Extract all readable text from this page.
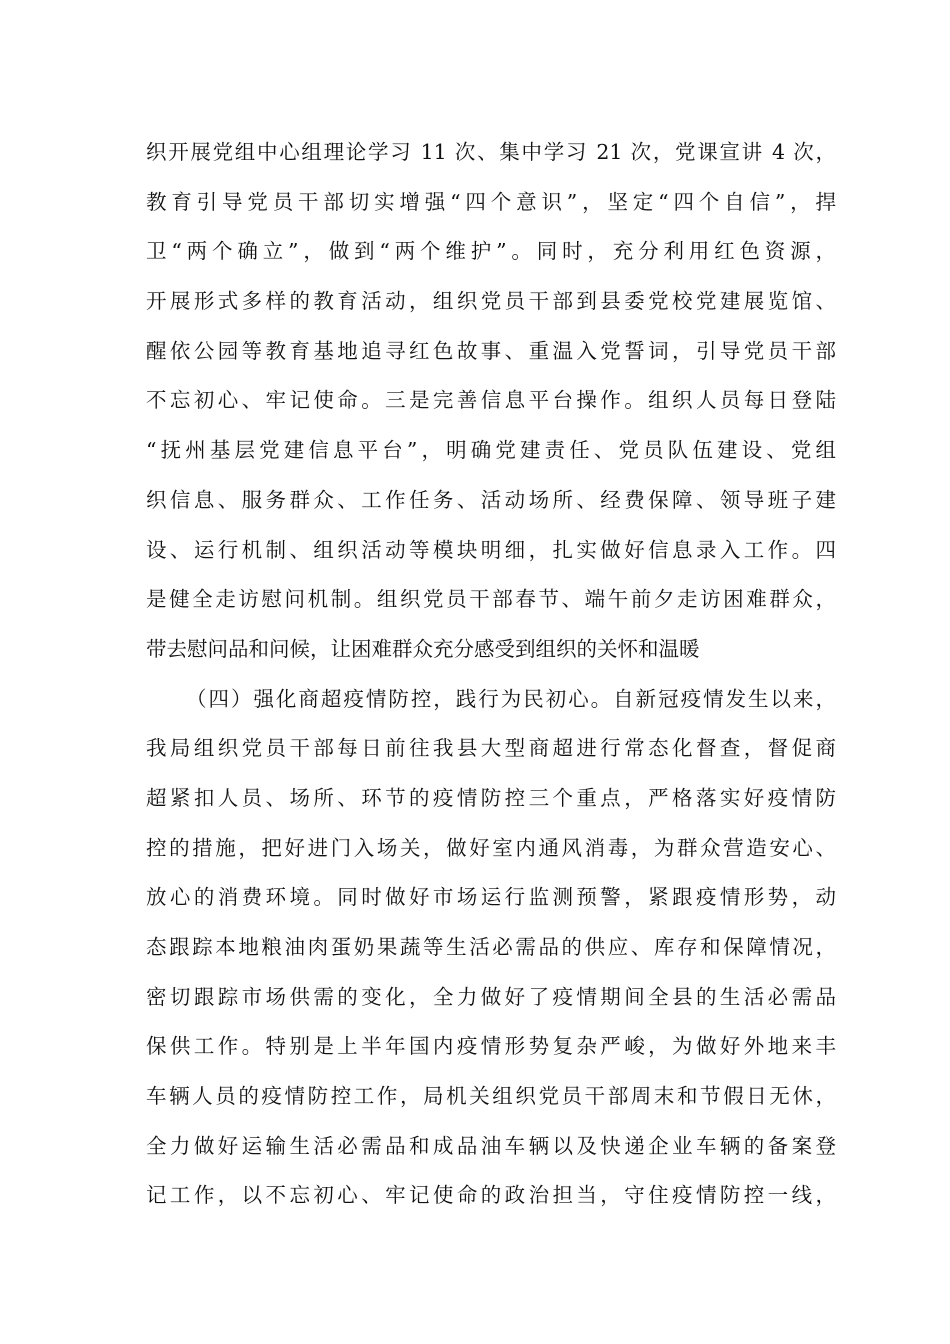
织开展党组中心组理论学习 11 次、集中学习 21 次，党课宣讲 4 次，
教育引导党员干部切实增强“四个意识”，坚定“四个自信”，捍
卫“两个确立”，做到“两个维护”。同时，充分利用红色资源，
开展形式多样的教育活动，组织党员干部到县委党校党建展览馆、
醒依公园等教育基地追寻红色故事、重温入党誓词，引导党员干部
不忘初心、牢记使命。三是完善信息平台操作。组织人员每日登陆
“抚州基层党建信息平台”，明确党建责任、党员队伍建设、党组
织信息、服务群众、工作任务、活动场所、经费保障、领导班子建
设、运行机制、组织活动等模块明细，扎实做好信息录入工作。四
是健全走访慰问机制。组织党员干部春节、端午前夕走访困难群众，
带去慰问品和问候，让困难群众充分感受到组织的关怀和温暖
（四）强化商超疫情防控，践行为民初心。自新冠疫情发生以来，
我局组织党员干部每日前往我县大型商超进行常态化督查，督促商
超紧扣人员、场所、环节的疫情防控三个重点，严格落实好疫情防
控的措施，把好进门入场关，做好室内通风消毒，为群众营造安心、
放心的消费环境。同时做好市场运行监测预警，紧跟疫情形势，动
态跟踪本地粮油肉蛋奶果蔬等生活必需品的供应、库存和保障情况，
密切跟踪市场供需的变化，全力做好了疫情期间全县的生活必需品
保供工作。特别是上半年国内疫情形势复杂严峻，为做好外地来丰
车辆人员的疫情防控工作，局机关组织党员干部周末和节假日无休，
全力做好运输生活必需品和成品油车辆以及快递企业车辆的备案登
记工作，以不忘初心、牢记使命的政治担当，守住疫情防控一线，
